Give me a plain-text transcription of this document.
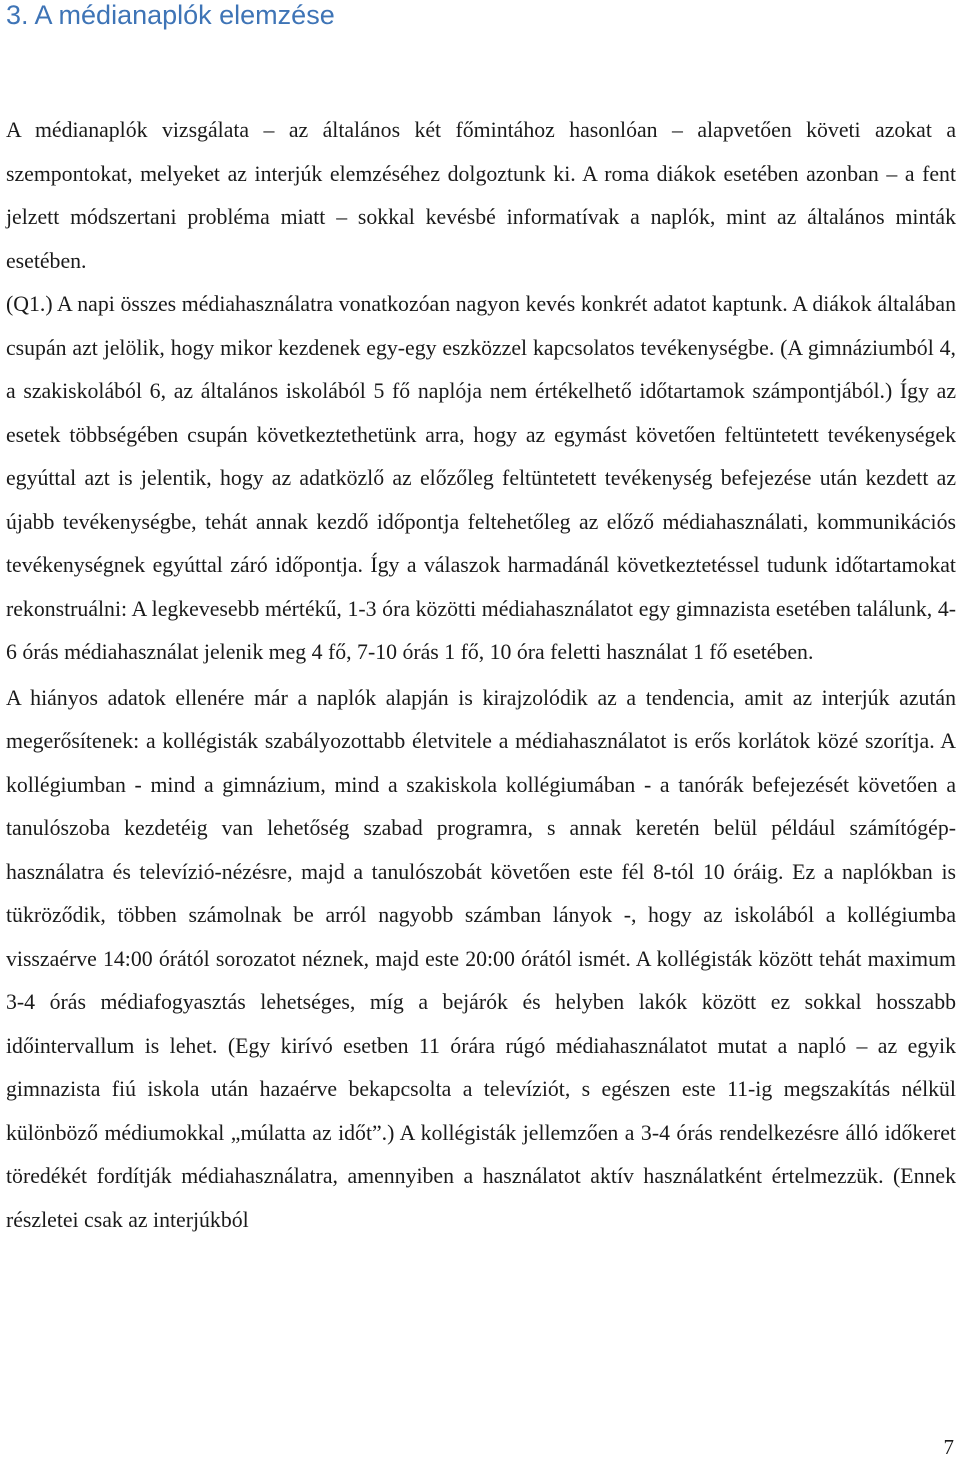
3. A médianaplók elemzése

A médianaplók vizsgálata – az általános két főmintához hasonlóan – alapvetően követi azokat a szempontokat, melyeket az interjúk elemzéséhez dolgoztunk ki. A roma diákok esetében azonban – a fent jelzett módszertani probléma miatt – sokkal kevésbé informatívak a naplók, mint az általános minták esetében.

(Q1.) A napi összes médiahasználatra vonatkozóan nagyon kevés konkrét adatot kaptunk. A diákok általában csupán azt jelölik, hogy mikor kezdenek egy-egy eszközzel kapcsolatos tevékenységbe. (A gimnáziumból 4, a szakiskolából 6, az általános iskolából 5 fő naplója nem értékelhető időtartamok számpontjából.) Így az esetek többségében csupán következtethetünk arra, hogy az egymást követően feltüntetett tevékenységek egyúttal azt is jelentik, hogy az adatközlő az előzőleg feltüntetett tevékenység befejezése után kezdett az újabb tevékenységbe, tehát annak kezdő időpontja feltehetőleg az előző médiahasználati, kommunikációs tevékenységnek egyúttal záró időpontja. Így a válaszok harmadánál következtetéssel tudunk időtartamokat rekonstruálni: A legkevesebb mértékű, 1-3 óra közötti médiahasználatot egy gimnazista esetében találunk, 4-6 órás médiahasználat jelenik meg 4 fő, 7-10 órás 1 fő, 10 óra feletti használat 1 fő esetében.

A hiányos adatok ellenére már a naplók alapján is kirajzolódik az a tendencia, amit az interjúk azután megerősítenek: a kollégisták szabályozottabb életvitele a médiahasználatot is erős korlátok közé szorítja. A kollégiumban - mind a gimnázium, mind a szakiskola kollégiumában - a tanórák befejezését követően a tanulószoba kezdetéig van lehetőség szabad programra, s annak keretén belül például számítógép-használatra és televízió-nézésre, majd a tanulószobát követően este fél 8-tól 10 óráig. Ez a naplókban is tükröződik, többen számolnak be arról nagyobb számban lányok -, hogy az iskolából a kollégiumba visszaérve 14:00 órától sorozatot néznek, majd este 20:00 órától ismét. A kollégisták között tehát maximum 3-4 órás médiafogyasztás lehetséges, míg a bejárók és helyben lakók között ez sokkal hosszabb időintervallum is lehet. (Egy kirívó esetben 11 órára rúgó médiahasználatot mutat a napló – az egyik gimnazista fiú iskola után hazaérve bekapcsolta a televíziót, s egészen este 11-ig megszakítás nélkül különböző médiumokkal „múlatta az időt”.) A kollégisták jellemzően a 3-4 órás rendelkezésre álló időkeret töredékét fordítják médiahasználatra, amennyiben a használatot aktív használatként értelmezzük. (Ennek részletei csak az interjúkból

7
